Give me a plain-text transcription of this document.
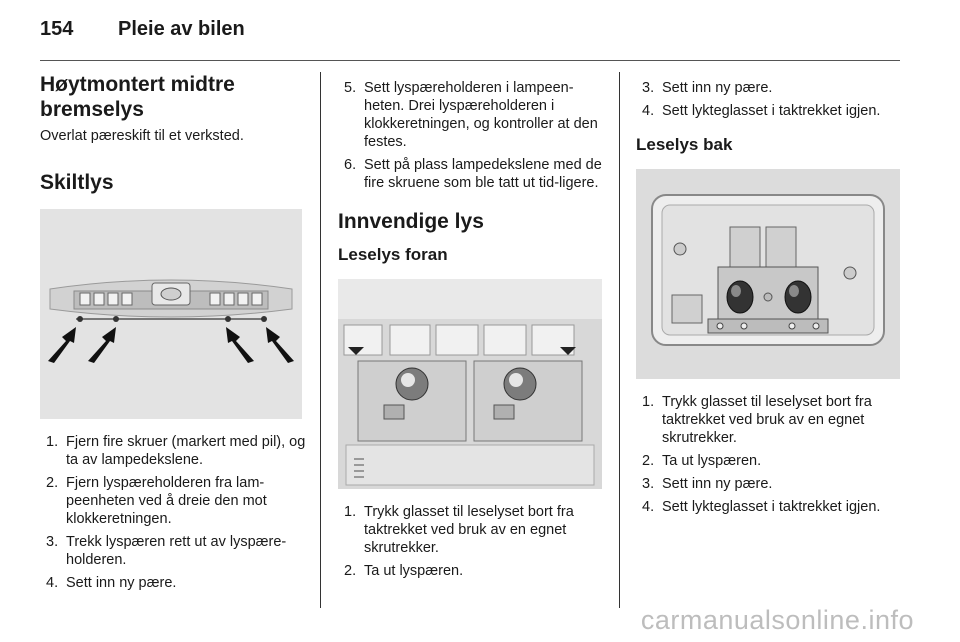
154	Pleie av bilen
Høytmontert midtre bremselys

Overlat pæreskift til et verksted.

Skiltlys
1. Fjern fire skruer (markert med pil), og ta av lampedekslene.
2. Fjern lyspæreholderen fra lam-peenheten ved å dreie den mot klokkeretningen.
3. Trekk lyspæren rett ut av lyspære-holderen.
4. Sett inn ny pære.
5. Sett lyspæreholderen i lampeen-heten. Drei lyspæreholderen i klokkeretningen, og kontroller at den festes.
6. Sett på plass lampedekslene med de fire skruene som ble tatt ut tid-ligere.
Innvendige lys
Leselys foran
1. Trykk glasset til leselyset bort fra taktrekket ved bruk av en egnet skrutrekker.
2. Ta ut lyspæren.
3. Sett inn ny pære.
4. Sett lykteglasset i taktrekket igjen.
Leselys bak
1. Trykk glasset til leselyset bort fra taktrekket ved bruk av en egnet skrutrekker.
2. Ta ut lyspæren.
3. Sett inn ny pære.
4. Sett lykteglasset i taktrekket igjen.
carmanualsonline.info
